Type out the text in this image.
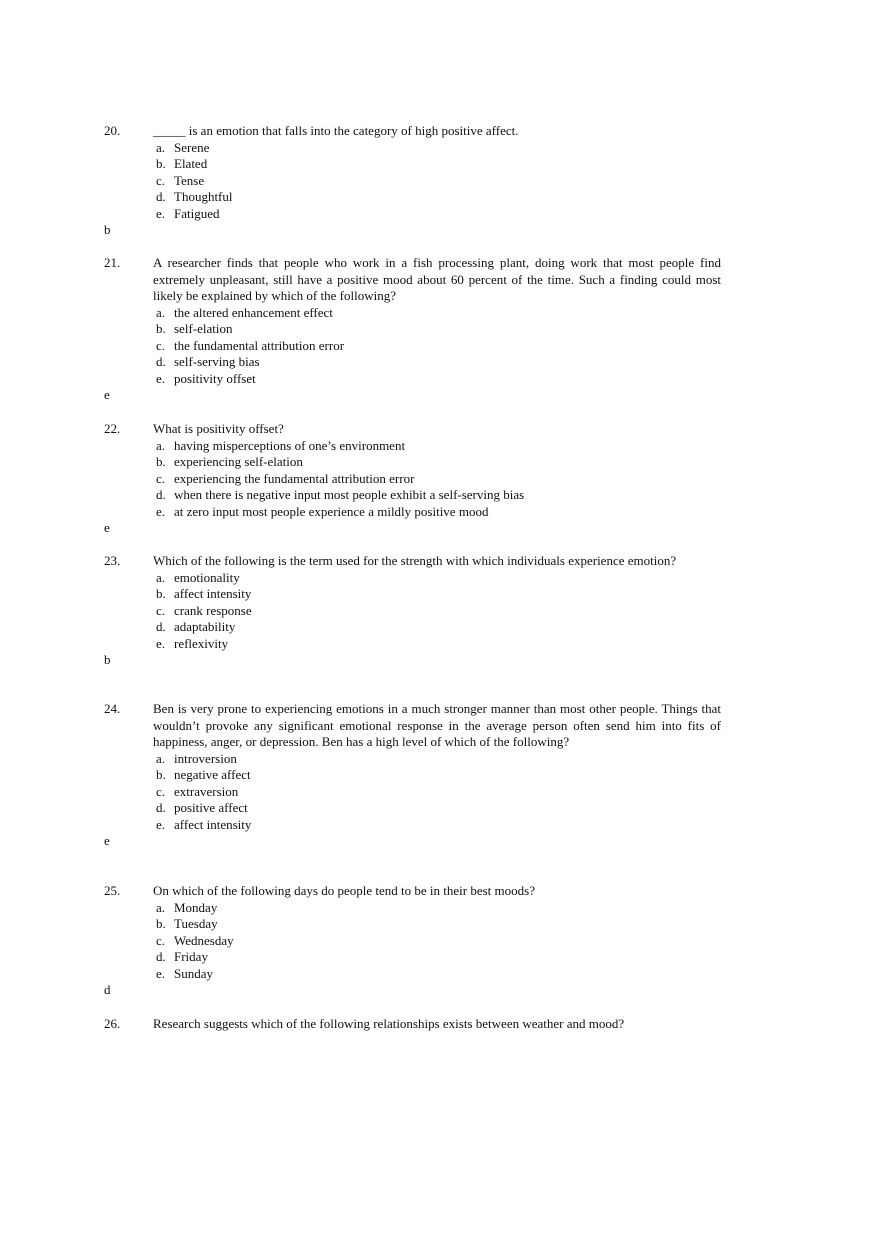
20.	_____ is an emotion that falls into the category of high positive affect.
a. Serene
b. Elated
c. Tense
d. Thoughtful
e. Fatigued
b
21.	A researcher finds that people who work in a fish processing plant, doing work that most people find extremely unpleasant, still have a positive mood about 60 percent of the time. Such a finding could most likely be explained by which of the following?
a. the altered enhancement effect
b. self-elation
c. the fundamental attribution error
d. self-serving bias
e. positivity offset
e
22.	What is positivity offset?
a. having misperceptions of one’s environment
b. experiencing self-elation
c. experiencing the fundamental attribution error
d. when there is negative input most people exhibit a self-serving bias
e. at zero input most people experience a mildly positive mood
e
23.	Which of the following is the term used for the strength with which individuals experience emotion?
a. emotionality
b. affect intensity
c. crank response
d. adaptability
e. reflexivity
b
24.	Ben is very prone to experiencing emotions in a much stronger manner than most other people. Things that wouldn’t provoke any significant emotional response in the average person often send him into fits of happiness, anger, or depression. Ben has a high level of which of the following?
a. introversion
b. negative affect
c. extraversion
d. positive affect
e. affect intensity
e
25.	On which of the following days do people tend to be in their best moods?
a. Monday
b. Tuesday
c. Wednesday
d. Friday
e. Sunday
d
26.	Research suggests which of the following relationships exists between weather and mood?
